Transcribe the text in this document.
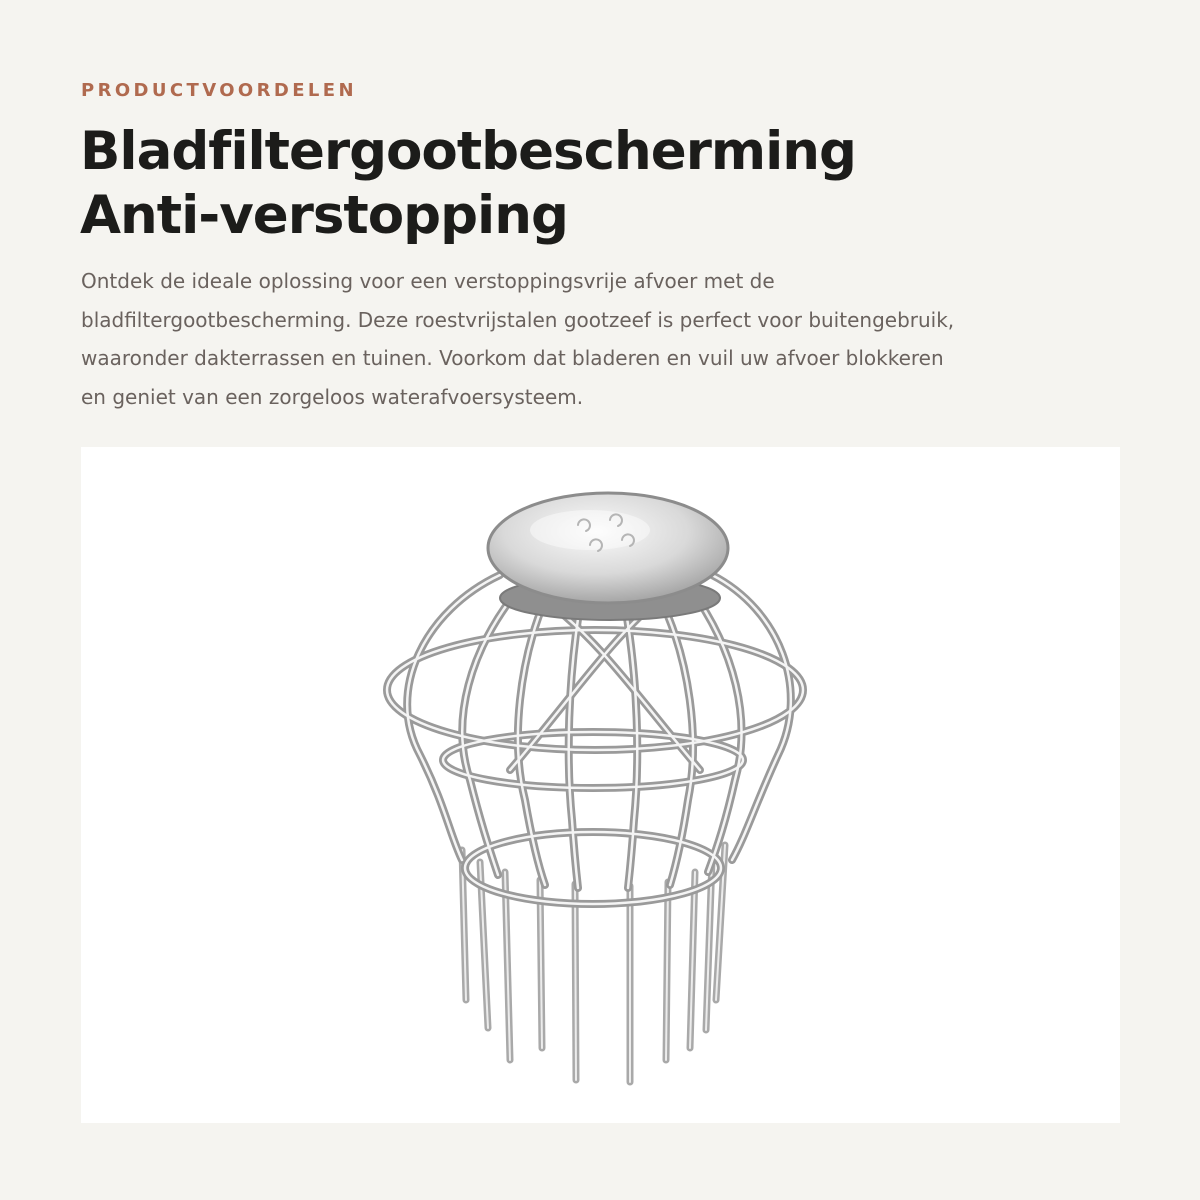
PRODUCTVOORDELEN
Bladfiltergootbescherming
Anti-verstopping

Ontdek de ideale oplossing voor een verstoppingsvrije afvoer met de
bladfiltergootbescherming. Deze roestvrijstalen gootzeef is perfect voor buitengebruik,
waaronder dakterrassen en tuinen. Voorkom dat bladeren en vuil uw afvoer blokkeren
en geniet van een zorgeloos waterafvoersysteem.
